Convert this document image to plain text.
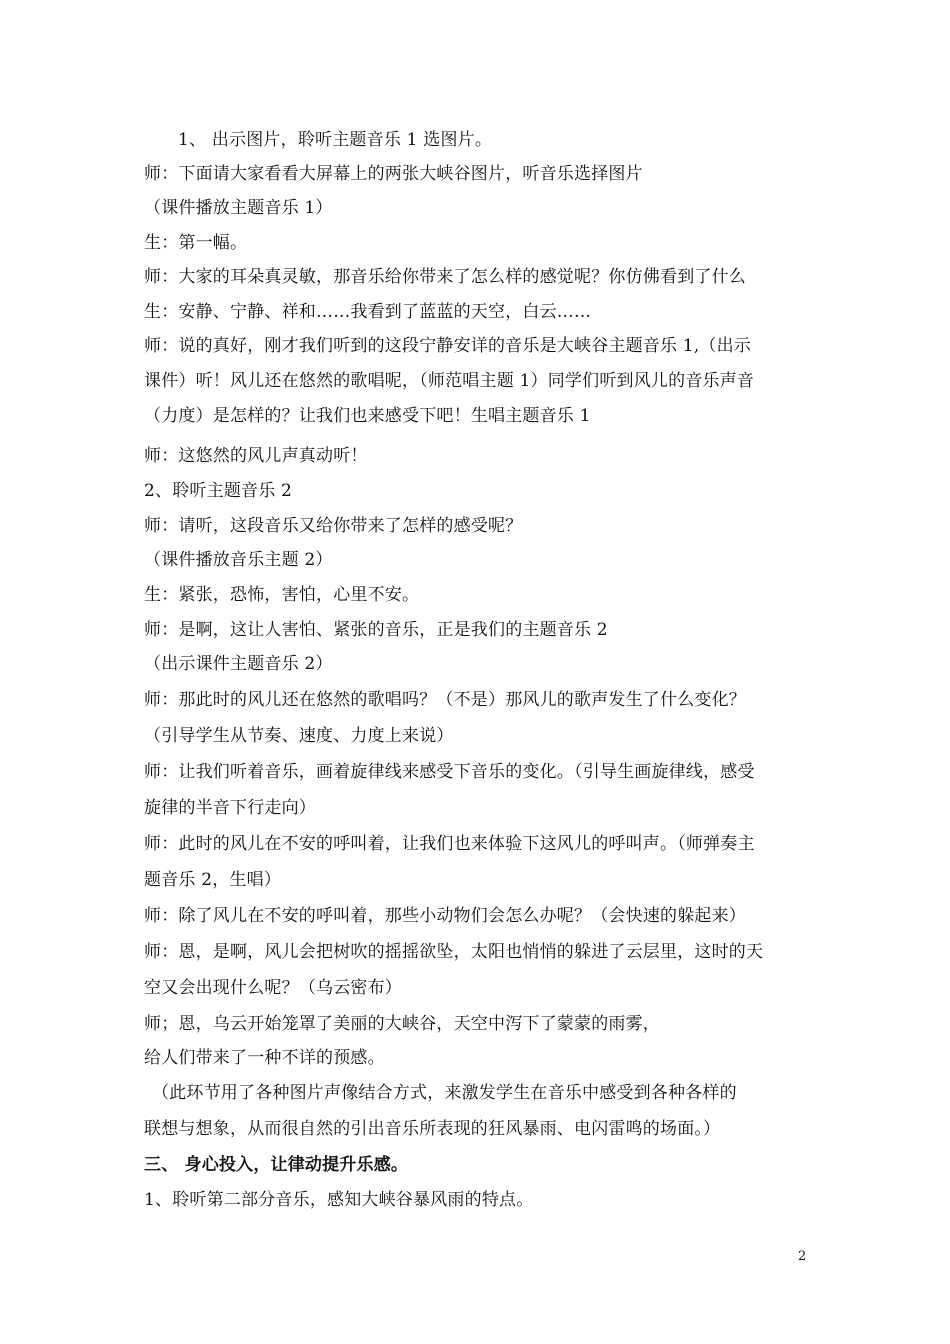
1、 出示图片，聆听主题音乐 1 选图片。
师：下面请大家看看大屏幕上的两张大峡谷图片，听音乐选择图片
（课件播放主题音乐 1）
生：第一幅。
师：大家的耳朵真灵敏，那音乐给你带来了怎么样的感觉呢？你仿佛看到了什么
生：安静、宁静、祥和……我看到了蓝蓝的天空，白云……
师：说的真好，刚才我们听到的这段宁静安详的音乐是大峡谷主题音乐 1,（出示
课件）听！风儿还在悠然的歌唱呢，（师范唱主题 1）同学们听到风儿的音乐声音
（力度）是怎样的？让我们也来感受下吧！生唱主题音乐 1
师：这悠然的风儿声真动听！
2、聆听主题音乐 2
师：请听，这段音乐又给你带来了怎样的感受呢？
（课件播放音乐主题 2）
生：紧张，恐怖，害怕，心里不安。
师：是啊，这让人害怕、紧张的音乐，正是我们的主题音乐 2
（出示课件主题音乐 2）
师：那此时的风儿还在悠然的歌唱吗？（不是）那风儿的歌声发生了什么变化？
（引导学生从节奏、速度、力度上来说）
师：让我们听着音乐，画着旋律线来感受下音乐的变化。（引导生画旋律线，感受
旋律的半音下行走向）
师：此时的风儿在不安的呼叫着，让我们也来体验下这风儿的呼叫声。（师弹奏主
题音乐 2，生唱）
师：除了风儿在不安的呼叫着，那些小动物们会怎么办呢？（会快速的躲起来）
师：恩，是啊，风儿会把树吹的摇摇欲坠，太阳也悄悄的躲进了云层里，这时的天
空又会出现什么呢？（乌云密布）
师；恩，乌云开始笼罩了美丽的大峡谷，天空中泻下了蒙蒙的雨雾，
给人们带来了一种不详的预感。
（此环节用了各种图片声像结合方式，来激发学生在音乐中感受到各种各样的
联想与想象，从而很自然的引出音乐所表现的狂风暴雨、电闪雷鸣的场面。）
三、 身心投入，让律动提升乐感。
1、聆听第二部分音乐，感知大峡谷暴风雨的特点。
2
